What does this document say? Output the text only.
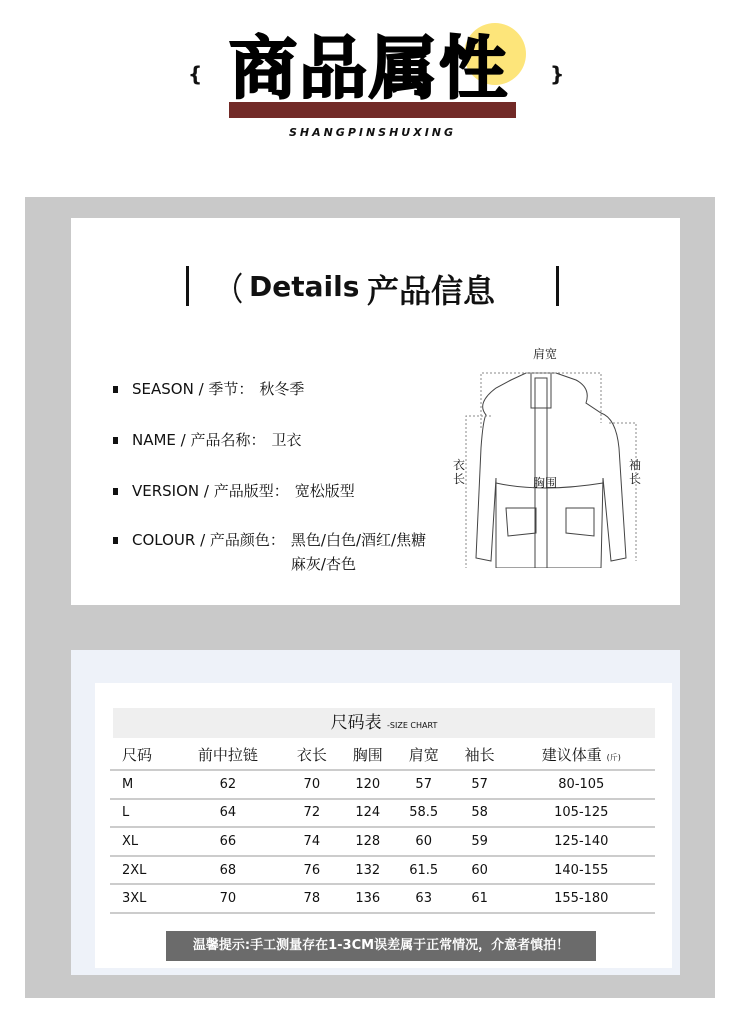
{	}
商品属性
SHANGPINSHUXING
Details 产品信息
SEASON / 季节： 秋冬季
NAME / 产品名称： 卫衣
VERSION / 产品版型： 宽松版型
COLOUR / 产品颜色： 黑色/白色/酒红/焦糖
麻灰/杏色
肩宽
衣
长	胸围
袖
长
尺码表 -SIZE CHART
尺码	前中拉链	衣长	胸围	肩宽	袖长	建议体重 (斤)
M	62	70	120	57	57	80-105
L	64	72	124	58.5	58	105-125
XL	66	74	128	60	59	125-140
2XL	68	76	132	61.5	60	140-155
3XL	70	78	136	63	61	155-180
温馨提示:手工测量存在1-3CM误差属于正常情况，介意者慎拍！
